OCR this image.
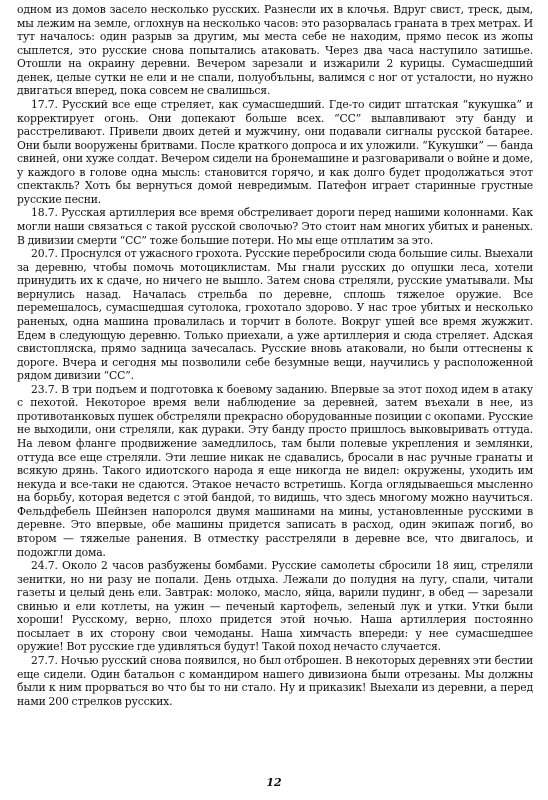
одном из домов засело несколько русских. Разнесли их в клочья. Вдруг свист, треск, дым, мы лежим на земле, оглохнув на несколько часов: это разорвалась граната в трех метрах. И тут началось: один разрыв за другим, мы места себе не находим, прямо песок из жопы сыплется, это русские снова попытались атаковать. Через два часа наступило затишье. Отошли на окраину деревни. Вечером зарезали и изжарили 2 курицы. Сумасшедший денек, целые сутки не ели и не спали, полуобъльны, валимся с ног от усталости, но нужно двигаться вперед, пока совсем не свалишься.

17.7. Русский все еще стреляет, как сумасшедший. Где-то сидит штатская “кукушка” и корректирует огонь. Они допекают больше всех. “СС” вылавливают эту банду и расстреливают. Привели двоих детей и мужчину, они подавали сигналы русской батарее. Они были вооружены бритвами. После краткого допроса и их уложили. “Кукушки” — банда свиней, они хуже солдат. Вечером сидели на бронемашине и разговаривали о войне и доме, у каждого в голове одна мысль: становится горячо, и как долго будет продолжаться этот спектакль? Хоть бы вернуться домой невредимым. Патефон играет старинные грустные русские песни.

18.7. Русская артиллерия все время обстреливает дороги перед нашими колоннами. Как могли наши связаться с такой русской сволочью? Это стоит нам многих убитых и раненых. В дивизии смерти “СС” тоже большие потери. Но мы еще отплатим за это.

20.7. Проснулся от ужасного грохота. Русские перебросили сюда большие силы. Выехали за деревню, чтобы помочь мотоциклистам. Мы гнали русских до опушки леса, хотели принудить их к сдаче, но ничего не вышло. Затем снова стреляли, русские уматывали. Мы вернулись назад. Началась стрельба по деревне, сплошь тяжелое оружие. Все перемешалось, сумасшедшая сутолока, грохотало здорово. У нас трое убитых и несколько раненых, одна машина провалилась и торчит в болоте. Вокруг ушей все время жужжит. Едем в следующую деревню. Только приехали, а уже артиллерия и сюда стреляет. Адская свистопляска, прямо задница зачесалась. Русские вновь атаковали, но были оттеснены к дороге. Вчера и сегодня мы позволили себе безумные вещи, научились у расположенной рядом дивизии “СС”.

23.7. В три подъем и подготовка к боевому заданию. Впервые за этот поход идем в атаку с пехотой. Некоторое время вели наблюдение за деревней, затем въехали в нее, из противотанковых пушек обстреляли прекрасно оборудованные позиции с окопами. Русские не выходили, они стреляли, как дураки. Эту банду просто пришлось выковыривать оттуда. На левом фланге продвижение замедлилось, там были полевые укрепления и землянки, оттуда все еще стреляли. Эти лешие никак не сдавались, бросали в нас ручные гранаты и всякую дрянь. Такого идиотского народа я еще никогда не видел: окружены, уходить им некуда и все-таки не сдаются. Этакое нечасто встретишь. Когда оглядываешься мысленно на борьбу, которая ведется с этой бандой, то видишь, что здесь многому можно научиться. Фельдфебель Шейнзен напоролся двумя машинами на мины, установленные русскими в деревне. Это впервые, обе машины придется записать в расход, один экипаж погиб, во втором — тяжелые ранения. В отместку расстреляли в деревне все, что двигалось, и подожгли дома.

24.7. Около 2 часов разбужены бомбами. Русские самолеты сбросили 18 яиц, стреляли зенитки, но ни разу не попали. День отдыха. Лежали до полудня на лугу, спали, читали газеты и целый день ели. Завтрак: молоко, масло, яйца, варили пудинг, в обед — зарезали свинью и ели котлеты, на ужин — печеный картофель, зеленый лук и утки. Утки были хороши! Русскому, верно, плохо придется этой ночью. Наша артиллерия постоянно посылает в их сторону свои чемоданы. Наша химчасть впереди: у нее сумасшедшее оружие! Вот русские где удивляться будут! Такой поход нечасто случается.

27.7. Ночью русский снова появился, но был отброшен. В некоторых деревнях эти бестии еще сидели. Один батальон с командиром нашего дивизиона были отрезаны. Мы должны были к ним прорваться во что бы то ни стало. Ну и приказик! Выехали из деревни, а перед нами 200 стрелков русских.

12
